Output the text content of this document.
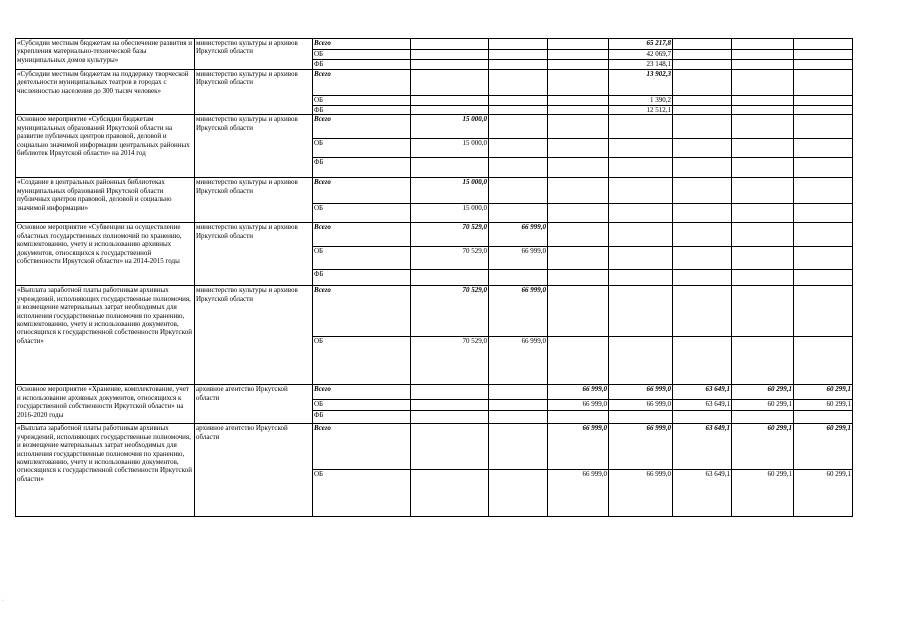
«Субсидии местным бюджетам на обеспечение развития и укрепления материально-технической базы муниципальных домов культуры»	министерство культуры и архивов Иркутской области	Всего				65 217,8			
		ОБ				42 069,7			
		ФБ				23 148,1			
«Субсидии местным бюджетам на поддержку творческой деятельности муниципальных театров в городах с численностью населения до 300 тысяч человек»	министерство культуры и архивов Иркутской области	Всего				13 902,3			
		ОБ				1 390,2			
		ФБ				12 512,1			
Основное мероприятие «Субсидии бюджетам муниципальных образований Иркутской области на развитие публичных центров правовой, деловой и социально значимой информации центральных районных библиотек Иркутской области» на 2014 год	министерство культуры и архивов Иркутской области	Всего	15 000,0						
		ОБ	15 000,0						
		ФБ							
«Создание в центральных районных библиотеках муниципальных образований Иркутской области публичных центров правовой, деловой и социально значимой информации»	министерство культуры и архивов Иркутской области	Всего	15 000,0						
		ОБ	15 000,0						
Основное мероприятие «Субвенции на осуществление областных государственных полномочий по хранению, комплектованию, учету и использованию архивных документов, относящихся к государственной собственности Иркутской области» на 2014-2015 годы	министерство культуры и архивов Иркутской области	Всего	70 529,0	66 999,0					
		ОБ	70 529,0	66 999,0					
		ФБ							
«Выплата заработной платы работникам архивных учреждений, исполняющих государственные полномочия, и возмещение материальных затрат необходимых для исполнения государственные полномочия по хранению, комплектованию, учету и использованию документов, относящихся к государственной собственности Иркутской области»	министерство культуры и архивов Иркутской области	Всего	70 529,0	66 999,0					
		ОБ	70 529,0	66 999,0					
Основное мероприятие «Хранение, комплектование, учет и использование архивных документов, относящихся к государственной собственности Иркутской области» на 2016-2020 годы	архивное агентство Иркутской области	Всего			66 999,0	66 999,0	63 649,1	60 299,1	60 299,1
		ОБ			66 999,0	66 999,0	63 649,1	60 299,1	60 299,1
		ФБ							
«Выплата заработной платы работникам архивных учреждений, исполняющих государственные полномочия, и возмещение материальных затрат необходимых для исполнения государственные полномочия по хранению, комплектованию, учету и использованию документов, относящихся к государственной собственности Иркутской области»	архивное агентство Иркутской области	Всего			66 999,0	66 999,0	63 649,1	60 299,1	60 299,1
		ОБ			66 999,0	66 999,0	63 649,1	60 299,1	60 299,1
·
